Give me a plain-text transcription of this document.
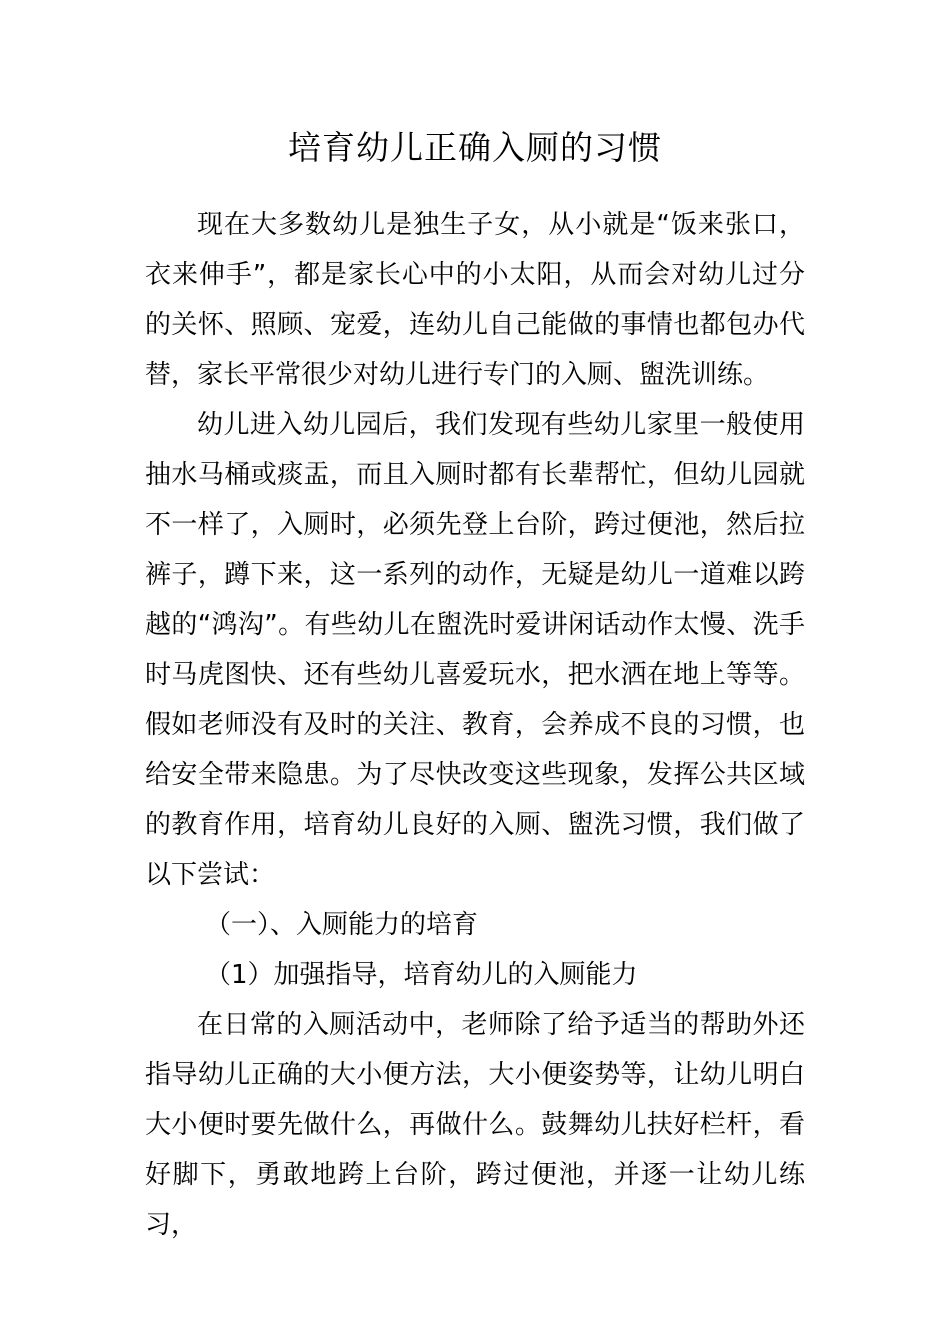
培育幼儿正确入厕的习惯

现在大多数幼儿是独生子女，从小就是“饭来张口，衣来伸手”，都是家长心中的小太阳，从而会对幼儿过分的关怀、照顾、宠爱，连幼儿自己能做的事情也都包办代替，家长平常很少对幼儿进行专门的入厕、盥洗训练。

幼儿进入幼儿园后，我们发现有些幼儿家里一般使用抽水马桶或痰盂，而且入厕时都有长辈帮忙，但幼儿园就不一样了，入厕时，必须先登上台阶，跨过便池，然后拉裤子，蹲下来，这一系列的动作，无疑是幼儿一道难以跨越的“鸿沟”。有些幼儿在盥洗时爱讲闲话动作太慢、洗手时马虎图快、还有些幼儿喜爱玩水，把水洒在地上等等。假如老师没有及时的关注、教育，会养成不良的习惯，也给安全带来隐患。为了尽快改变这些现象，发挥公共区域的教育作用，培育幼儿良好的入厕、盥洗习惯，我们做了以下尝试：

（一）、入厕能力的培育

（1）加强指导，培育幼儿的入厕能力

在日常的入厕活动中，老师除了给予适当的帮助外还指导幼儿正确的大小便方法，大小便姿势等，让幼儿明白大小便时要先做什么，再做什么。鼓舞幼儿扶好栏杆，看好脚下，勇敢地跨上台阶，跨过便池，并逐一让幼儿练习，
